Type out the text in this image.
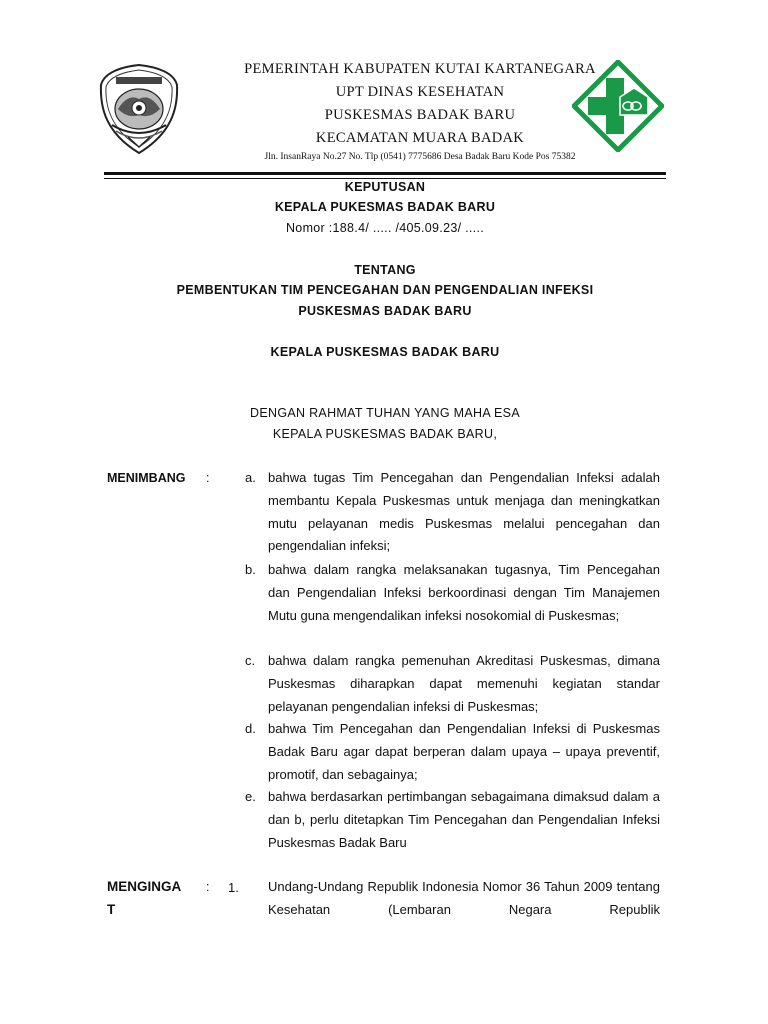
PEMERINTAH KABUPATEN KUTAI KARTANEGARA
UPT DINAS KESEHATAN
PUSKESMAS BADAK BARU
KECAMATAN MUARA BADAK
Jln. InsanRaya No.27 No. Tlp (0541) 7775686 Desa Badak Baru Kode Pos 75382
KEPUTUSAN
KEPALA PUKESMAS BADAK BARU
Nomor :188.4/ ..... /405.09.23/ .....
TENTANG
PEMBENTUKAN TIM PENCEGAHAN DAN PENGENDALIAN INFEKSI
PUSKESMAS BADAK BARU
KEPALA PUSKESMAS BADAK BARU
DENGAN RAHMAT TUHAN YANG MAHA ESA
KEPALA PUSKESMAS BADAK BARU,
MENIMBANG :	a. bahwa tugas Tim Pencegahan dan Pengendalian Infeksi adalah membantu Kepala Puskesmas untuk menjaga dan meningkatkan mutu pelayanan medis Puskesmas melalui pencegahan dan pengendalian infeksi;
b. bahwa dalam rangka melaksanakan tugasnya, Tim Pencegahan dan Pengendalian Infeksi berkoordinasi dengan Tim Manajemen Mutu guna mengendalikan infeksi nosokomial di Puskesmas;
c. bahwa dalam rangka pemenuhan Akreditasi Puskesmas, dimana Puskesmas diharapkan dapat memenuhi kegiatan standar pelayanan pengendalian infeksi di Puskesmas;
d. bahwa Tim Pencegahan dan Pengendalian Infeksi di Puskesmas Badak Baru agar dapat berperan dalam upaya – upaya preventif, promotif, dan sebagainya;
e. bahwa berdasarkan pertimbangan sebagaimana dimaksud dalam a dan b, perlu ditetapkan Tim Pencegahan dan Pengendalian Infeksi Puskesmas Badak Baru
MENGINGA
T
: 1. Undang-Undang Republik Indonesia Nomor 36 Tahun 2009 tentang Kesehatan (Lembaran Negara Republik
